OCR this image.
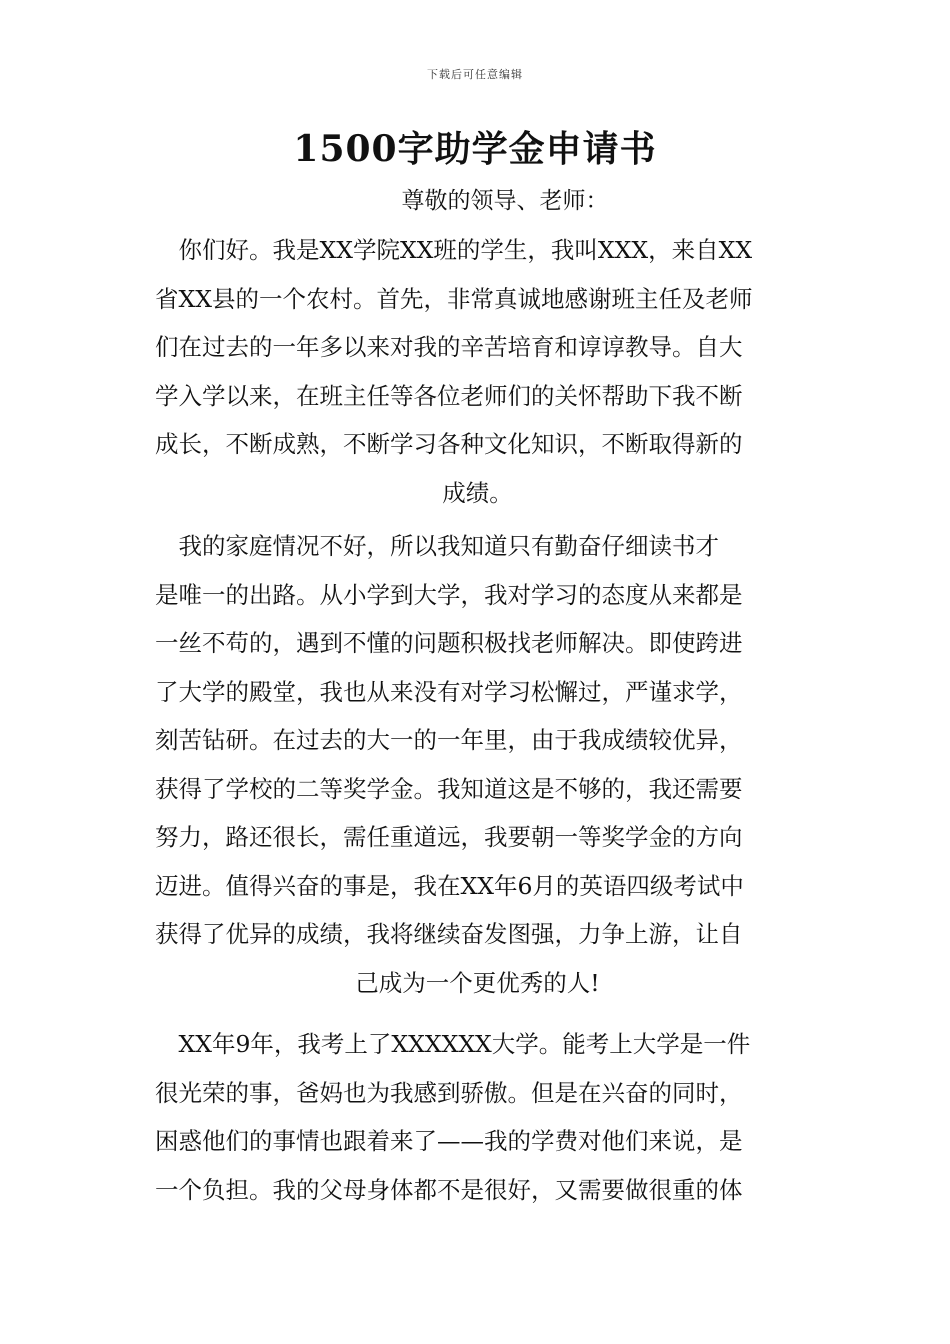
下载后可任意编辑
1500字助学金申请书
尊敬的领导、老师：
　你们好。我是XX学院XX班的学生，我叫XXX，来自XX
省XX县的一个农村。首先，非常真诚地感谢班主任及老师
们在过去的一年多以来对我的辛苦培育和谆谆教导。自大
学入学以来，在班主任等各位老师们的关怀帮助下我不断
成长，不断成熟，不断学习各种文化知识，不断取得新的
成绩。
　我的家庭情况不好，所以我知道只有勤奋仔细读书才
是唯一的出路。从小学到大学，我对学习的态度从来都是
一丝不苟的，遇到不懂的问题积极找老师解决。即使跨进
了大学的殿堂，我也从来没有对学习松懈过，严谨求学，
刻苦钻研。在过去的大一的一年里，由于我成绩较优异，
获得了学校的二等奖学金。我知道这是不够的，我还需要
努力，路还很长，需任重道远，我要朝一等奖学金的方向
迈进。值得兴奋的事是，我在XX年6月的英语四级考试中
获得了优异的成绩，我将继续奋发图强，力争上游，让自
己成为一个更优秀的人!
　XX年9年，我考上了XXXXXX大学。能考上大学是一件
很光荣的事，爸妈也为我感到骄傲。但是在兴奋的同时，
困惑他们的事情也跟着来了——我的学费对他们来说，是
一个负担。我的父母身体都不是很好，又需要做很重的体
